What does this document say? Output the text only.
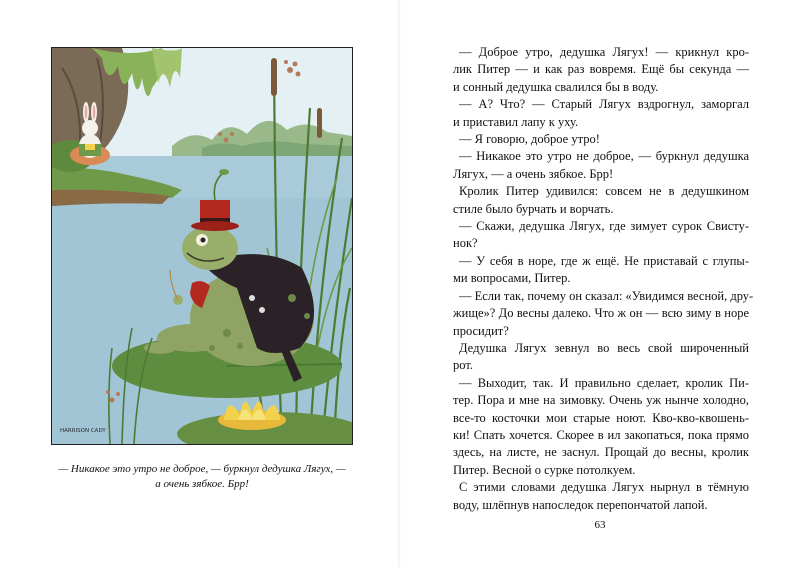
HARRISON CADY
— Никакое это утро не доброе, — буркнул дедушка Лягух, —
а очень зябкое. Брр!
— Доброе утро, дедушка Лягух! — крикнул кро-
лик Питер — и как раз вовремя. Ещё бы секунда —
и сонный дедушка свалился бы в воду.
— А? Что? — Старый Лягух вздрогнул, заморгал
и приставил лапу к уху.
— Я говорю, доброе утро!
— Никакое это утро не доброе, — буркнул дедушка
Лягух, — а очень зябкое. Брр!
Кролик Питер удивился: совсем не в дедушкином
стиле было бурчать и ворчать.
— Скажи, дедушка Лягух, где зимует сурок Свисту-
нок?
— У себя в норе, где ж ещё. Не приставай с глупы-
ми вопросами, Питер.
— Если так, почему он сказал: «Увидимся весной, дру-
жище»? До весны далеко. Что ж он — всю зиму в норе
просидит?
Дедушка Лягух зевнул во весь свой широченный
рот.
— Выходит, так. И правильно сделает, кролик Пи-
тер. Пора и мне на зимовку. Очень уж нынче холодно,
все-то косточки мои старые ноют. Кво-кво-квошень-
ки! Спать хочется. Скорее в ил закопаться, пока прямо
здесь, на листе, не заснул. Прощай до весны, кролик
Питер. Весной о сурке потолкуем.
С этими словами дедушка Лягух нырнул в тёмную
воду, шлёпнув напоследок перепончатой лапой.
63
